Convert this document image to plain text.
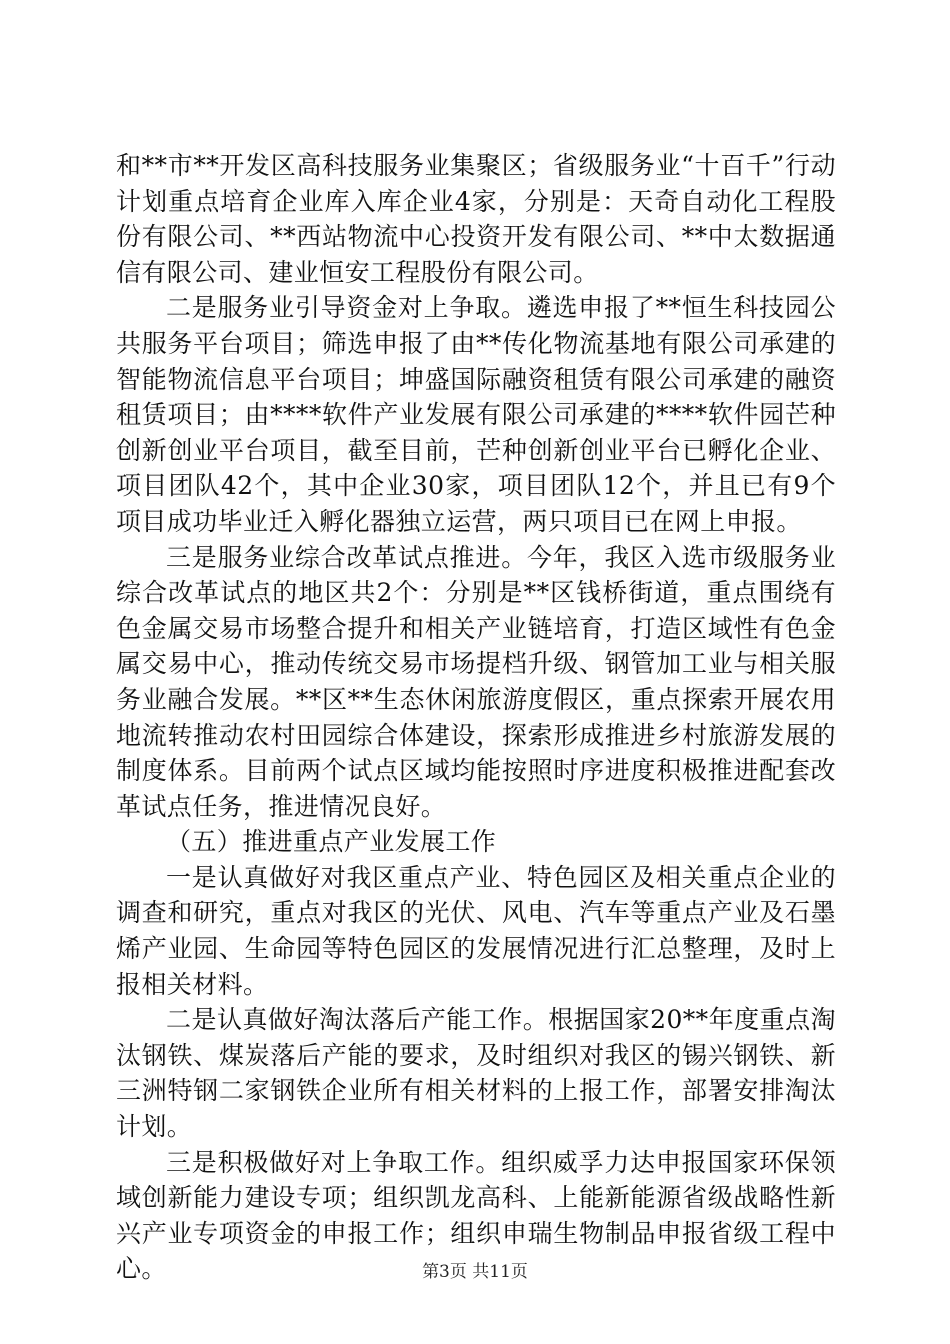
和**市**开发区高科技服务业集聚区；省级服务业“十百千”行动计划重点培育企业库入库企业4家，分别是：天奇自动化工程股份有限公司、**西站物流中心投资开发有限公司、**中太数据通信有限公司、建业恒安工程股份有限公司。

二是服务业引导资金对上争取。遴选申报了**恒生科技园公共服务平台项目；筛选申报了由**传化物流基地有限公司承建的智能物流信息平台项目；坤盛国际融资租赁有限公司承建的融资租赁项目；由****软件产业发展有限公司承建的****软件园芒种创新创业平台项目，截至目前，芒种创新创业平台已孵化企业、项目团队42个，其中企业30家，项目团队12个，并且已有9个项目成功毕业迁入孵化器独立运营，两只项目已在网上申报。

三是服务业综合改革试点推进。今年，我区入选市级服务业综合改革试点的地区共2个：分别是**区钱桥街道，重点围绕有色金属交易市场整合提升和相关产业链培育，打造区域性有色金属交易中心，推动传统交易市场提档升级、钢管加工业与相关服务业融合发展。**区**生态休闲旅游度假区，重点探索开展农用地流转推动农村田园综合体建设，探索形成推进乡村旅游发展的制度体系。目前两个试点区域均能按照时序进度积极推进配套改革试点任务，推进情况良好。

（五）推进重点产业发展工作

一是认真做好对我区重点产业、特色园区及相关重点企业的调查和研究，重点对我区的光伏、风电、汽车等重点产业及石墨烯产业园、生命园等特色园区的发展情况进行汇总整理，及时上报相关材料。

二是认真做好淘汰落后产能工作。根据国家20**年度重点淘汰钢铁、煤炭落后产能的要求，及时组织对我区的锡兴钢铁、新三洲特钢二家钢铁企业所有相关材料的上报工作，部署安排淘汰计划。

三是积极做好对上争取工作。组织威孚力达申报国家环保领域创新能力建设专项；组织凯龙高科、上能新能源省级战略性新兴产业专项资金的申报工作；组织申瑞生物制品申报省级工程中心。	第3页 共11页
